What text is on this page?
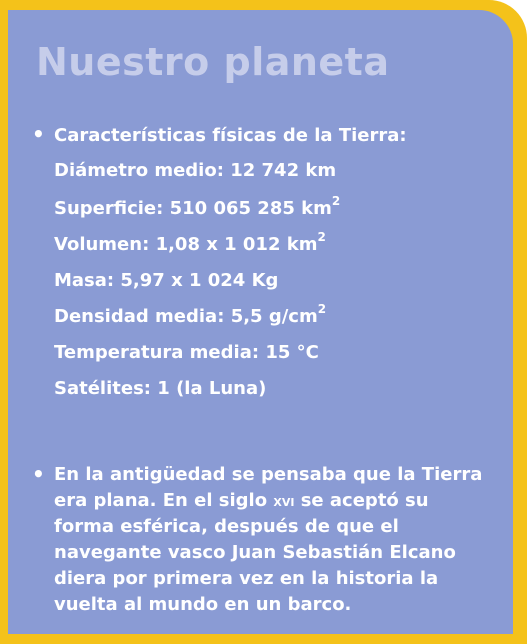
Nuestro planeta
• Características físicas de la Tierra:
Diámetro medio: 12 742 km
Superficie: 510 065 285 $km^2$
Volumen: 1,08 x 1 012 $km^2$
Masa: 5,97 x 1 024 Kg
Densidad media: 5,5 $g/cm^2$
Temperatura media: 15 °C
Satélites: 1 (la Luna)
• En la antigüedad se pensaba que la Tierra
era plana. En el siglo xvi se aceptó su
forma esférica, después de que el
navegante vasco Juan Sebastián Elcano
diera por primera vez en la historia la
vuelta al mundo en un barco.
